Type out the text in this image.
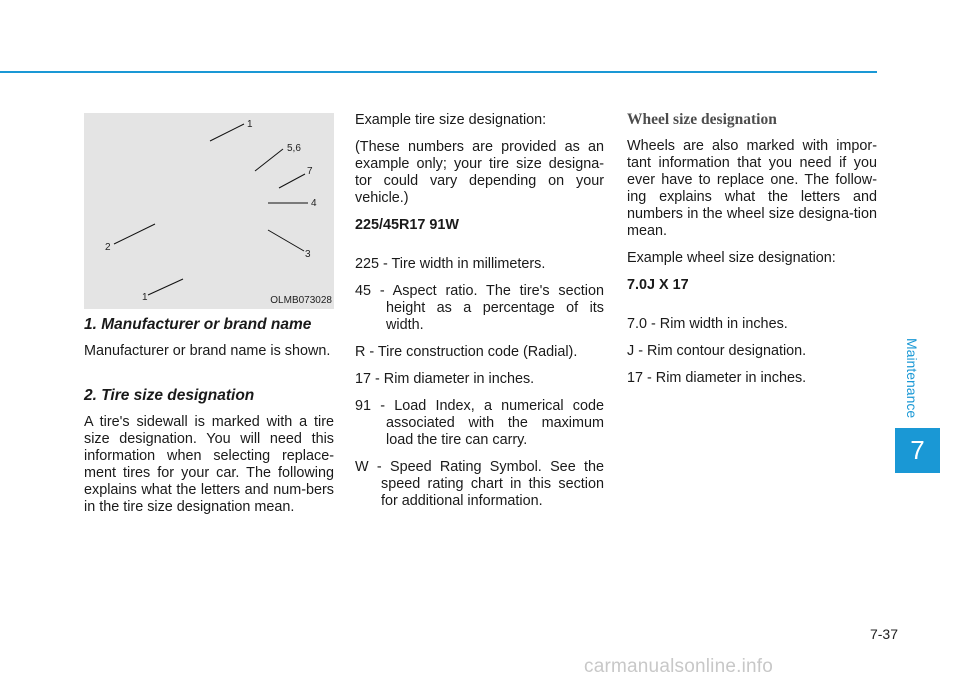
Maintenance
7
1
5,6
7
4
3
2
1	OLMB073028
1. Manufacturer or brand name

Manufacturer or brand name is shown.

2. Tire size designation

A tire's sidewall is marked with a tire size designation. You will need this information when selecting replace-ment tires for your car. The following explains what the letters and num-bers in the tire size designation mean.

Example tire size designation:

(These numbers are provided as an example only; your tire size designa-tor could vary depending on your vehicle.)

225/45R17 91W

225 - Tire width in millimeters.

45 - Aspect ratio. The tire's section height as a percentage of its width.

R - Tire construction code (Radial).

17 - Rim diameter in inches.

91 - Load Index, a numerical code associated with the maximum load the tire can carry.

W - Speed Rating Symbol. See the speed rating chart in this section for additional information.

Wheel size designation

Wheels are also marked with impor-tant information that you need if you ever have to replace one. The follow-ing explains what the letters and numbers in the wheel size designa-tion mean.

Example wheel size designation:

7.0J X 17

7.0 - Rim width in inches.

J - Rim contour designation.

17 - Rim diameter in inches.

7-37
carmanualsonline.info
